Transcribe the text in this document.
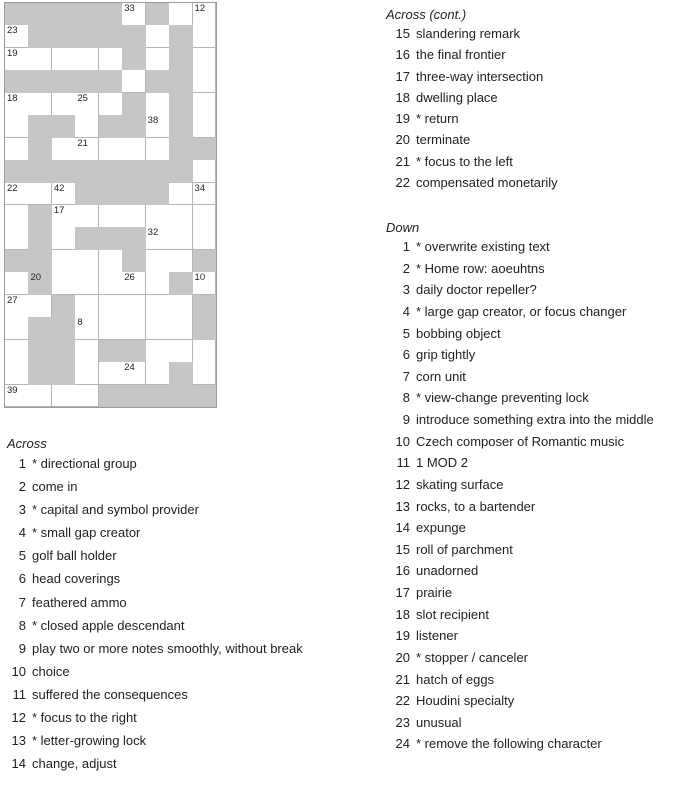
33	12
23
19
18	25
38
21
22	42	34
17
32
20	26	10
27
8
24
39
Across (cont.)
15 slandering remark
16 the final frontier
17 three-way intersection
18 dwelling place
19 * return
20 terminate
21 * focus to the left
22 compensated monetarily
Down
1 * overwrite existing text
2 * Home row: aoeuhtns
3 daily doctor repeller?
4 * large gap creator, or focus changer
5 bobbing object
6 grip tightly
7 corn unit
8 * view-change preventing lock
9 introduce something extra into the middle
10 Czech composer of Romantic music
11 1 MOD 2
12 skating surface
13 rocks, to a bartender
14 expunge
15 roll of parchment
16 unadorned
17 prairie
18 slot recipient
19 listener
20 * stopper / canceler
21 hatch of eggs
22 Houdini specialty
23 unusual
24 * remove the following character
Across
1 * directional group
2 come in
3 * capital and symbol provider
4 * small gap creator
5 golf ball holder
6 head coverings
7 feathered ammo
8 * closed apple descendant
9 play two or more notes smoothly, without break
10 choice
11 suffered the consequences
12 * focus to the right
13 * letter-growing lock
14 change, adjust
